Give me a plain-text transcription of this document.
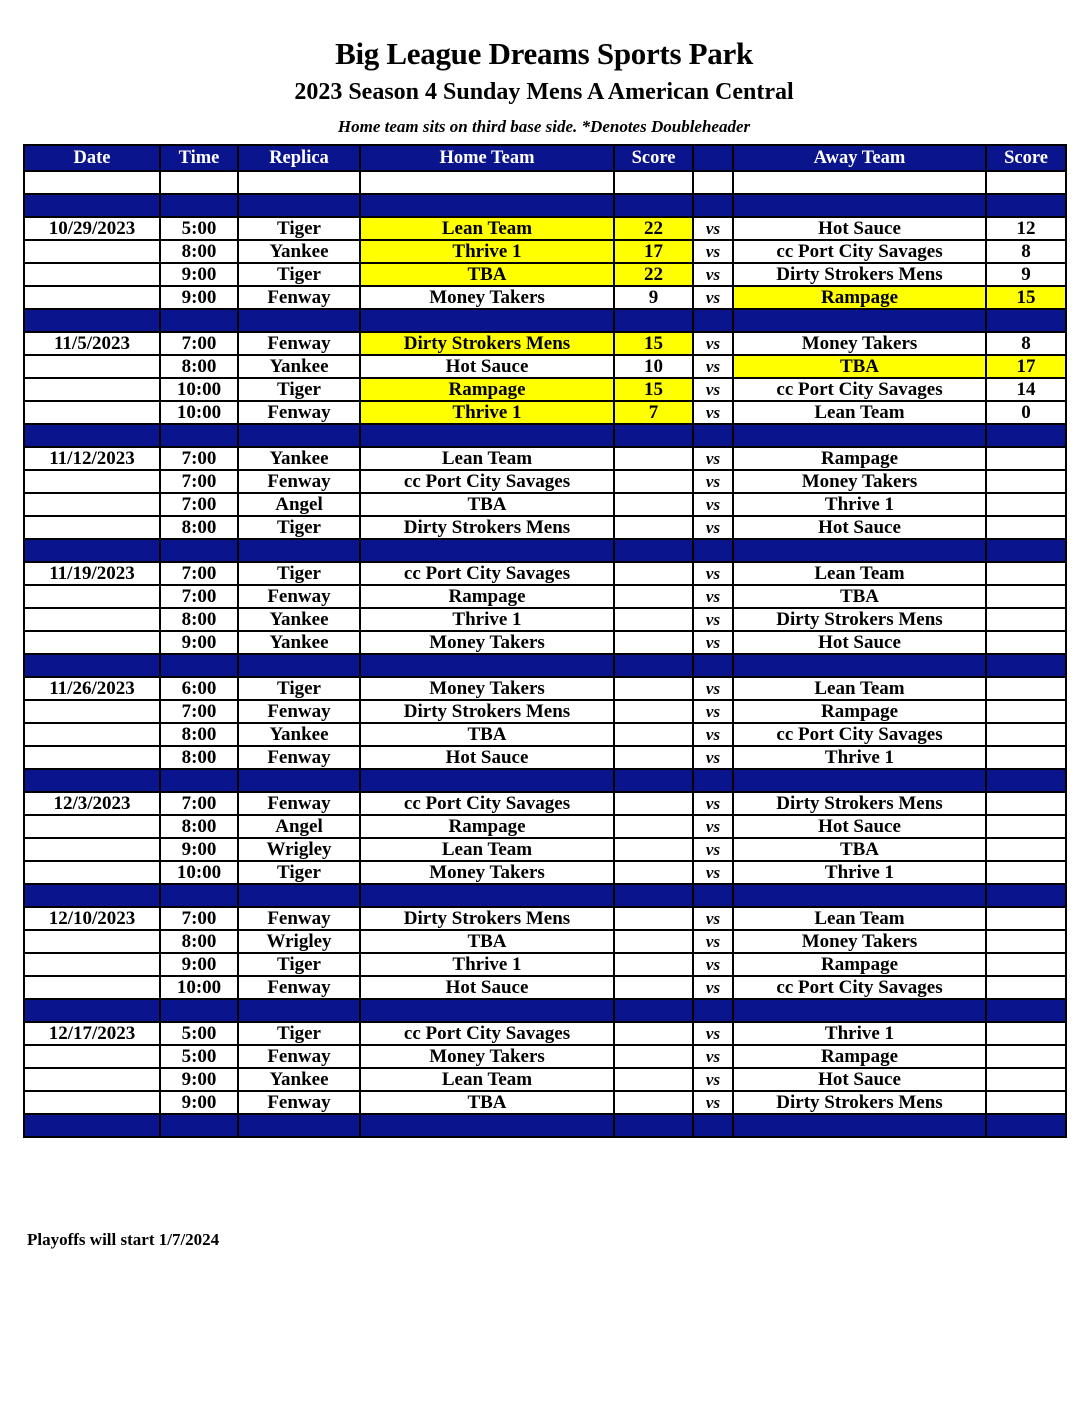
Big League Dreams Sports Park
2023 Season 4 Sunday Mens A American Central
Home team sits on third base side. *Denotes Doubleheader
Date	Time	Replica	Home Team	Score		Away Team	Score

10/29/2023	5:00	Tiger	Lean Team	22	vs	Hot Sauce	12
	8:00	Yankee	Thrive 1	17	vs	cc Port City Savages	8
	9:00	Tiger	TBA	22	vs	Dirty Strokers Mens	9
	9:00	Fenway	Money Takers	9	vs	Rampage	15

11/5/2023	7:00	Fenway	Dirty Strokers Mens	15	vs	Money Takers	8
	8:00	Yankee	Hot Sauce	10	vs	TBA	17
	10:00	Tiger	Rampage	15	vs	cc Port City Savages	14
	10:00	Fenway	Thrive 1	7	vs	Lean Team	0

11/12/2023	7:00	Yankee	Lean Team		vs	Rampage	
	7:00	Fenway	cc Port City Savages		vs	Money Takers	
	7:00	Angel	TBA		vs	Thrive 1	
	8:00	Tiger	Dirty Strokers Mens		vs	Hot Sauce	

11/19/2023	7:00	Tiger	cc Port City Savages		vs	Lean Team	
	7:00	Fenway	Rampage		vs	TBA	
	8:00	Yankee	Thrive 1		vs	Dirty Strokers Mens	
	9:00	Yankee	Money Takers		vs	Hot Sauce	

11/26/2023	6:00	Tiger	Money Takers		vs	Lean Team	
	7:00	Fenway	Dirty Strokers Mens		vs	Rampage	
	8:00	Yankee	TBA		vs	cc Port City Savages	
	8:00	Fenway	Hot Sauce		vs	Thrive 1	

12/3/2023	7:00	Fenway	cc Port City Savages		vs	Dirty Strokers Mens	
	8:00	Angel	Rampage		vs	Hot Sauce	
	9:00	Wrigley	Lean Team		vs	TBA	
	10:00	Tiger	Money Takers		vs	Thrive 1	

12/10/2023	7:00	Fenway	Dirty Strokers Mens		vs	Lean Team	
	8:00	Wrigley	TBA		vs	Money Takers	
	9:00	Tiger	Thrive 1		vs	Rampage	
	10:00	Fenway	Hot Sauce		vs	cc Port City Savages	

12/17/2023	5:00	Tiger	cc Port City Savages		vs	Thrive 1	
	5:00	Fenway	Money Takers		vs	Rampage	
	9:00	Yankee	Lean Team		vs	Hot Sauce	
	9:00	Fenway	TBA		vs	Dirty Strokers Mens	

Playoffs will start 1/7/2024
